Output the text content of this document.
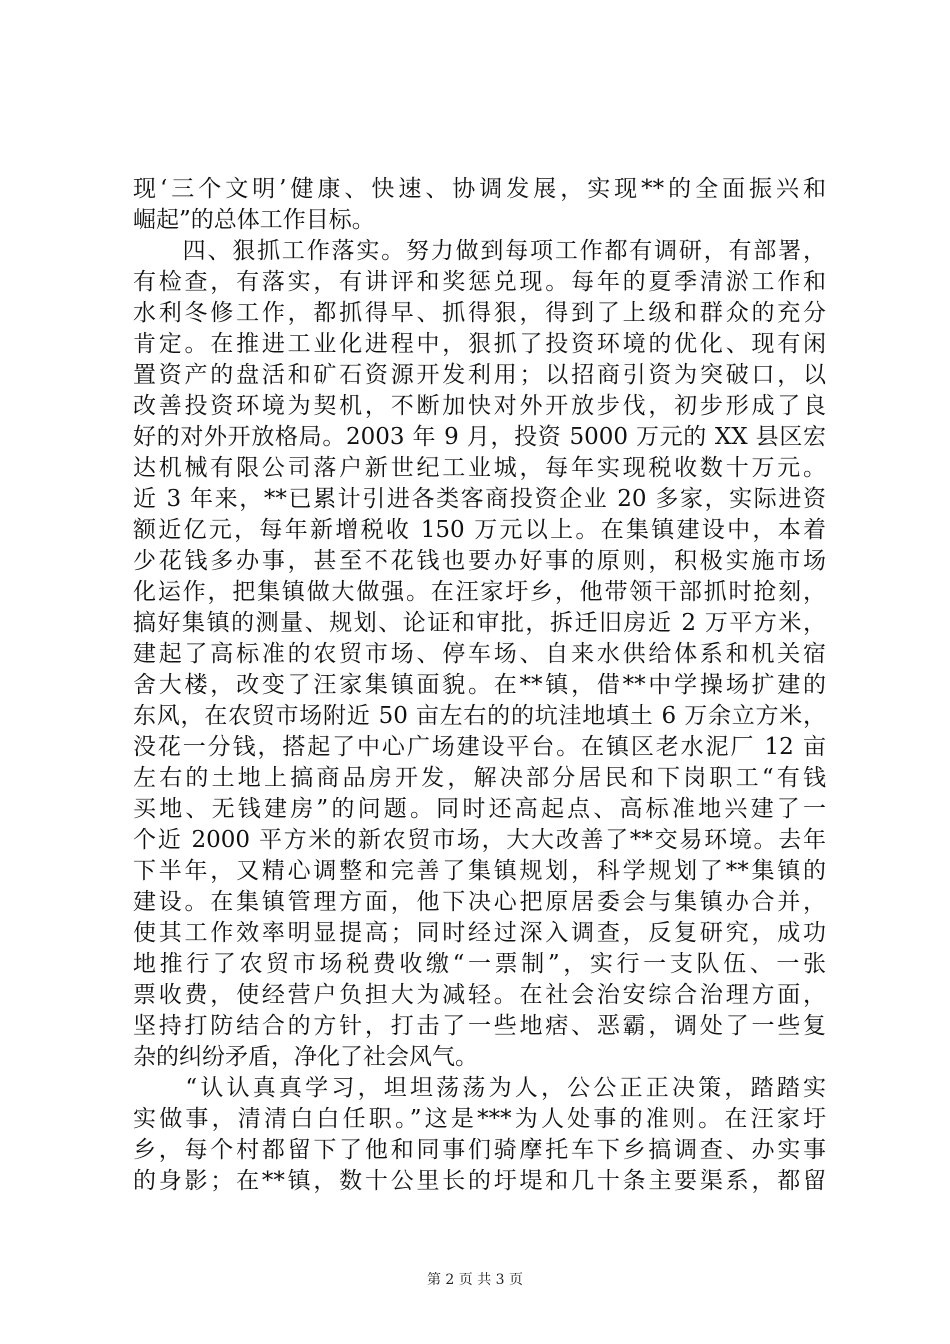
现‘三个文明’健康、快速、协调发展，实现**的全面振兴和
崛起”的总体工作目标。
　　四、狠抓工作落实。努力做到每项工作都有调研，有部署，
有检查，有落实，有讲评和奖惩兑现。每年的夏季清淤工作和
水利冬修工作，都抓得早、抓得狠，得到了上级和群众的充分
肯定。在推进工业化进程中，狠抓了投资环境的优化、现有闲
置资产的盘活和矿石资源开发利用；以招商引资为突破口，以
改善投资环境为契机，不断加快对外开放步伐，初步形成了良
好的对外开放格局。2003 年 9 月，投资 5000 万元的 XX 县区宏
达机械有限公司落户新世纪工业城，每年实现税收数十万元。
近 3 年来，**已累计引进各类客商投资企业 20 多家，实际进资
额近亿元，每年新增税收 150 万元以上。在集镇建设中，本着
少花钱多办事，甚至不花钱也要办好事的原则，积极实施市场
化运作，把集镇做大做强。在汪家圩乡，他带领干部抓时抢刻，
搞好集镇的测量、规划、论证和审批，拆迁旧房近 2 万平方米，
建起了高标准的农贸市场、停车场、自来水供给体系和机关宿
舍大楼，改变了汪家集镇面貌。在**镇，借**中学操场扩建的
东风，在农贸市场附近 50 亩左右的的坑洼地填土 6 万余立方米，
没花一分钱，搭起了中心广场建设平台。在镇区老水泥厂 12 亩
左右的土地上搞商品房开发，解决部分居民和下岗职工“有钱
买地、无钱建房”的问题。同时还高起点、高标准地兴建了一
个近 2000 平方米的新农贸市场，大大改善了**交易环境。去年
下半年，又精心调整和完善了集镇规划，科学规划了**集镇的
建设。在集镇管理方面，他下决心把原居委会与集镇办合并，
使其工作效率明显提高；同时经过深入调查，反复研究，成功
地推行了农贸市场税费收缴“一票制”，实行一支队伍、一张
票收费，使经营户负担大为减轻。在社会治安综合治理方面，
坚持打防结合的方针，打击了一些地痞、恶霸，调处了一些复
杂的纠纷矛盾，净化了社会风气。
　　“认认真真学习，坦坦荡荡为人，公公正正决策，踏踏实
实做事，清清白白任职。”这是***为人处事的准则。在汪家圩
乡，每个村都留下了他和同事们骑摩托车下乡搞调查、办实事
的身影；在**镇，数十公里长的圩堤和几十条主要渠系，都留
第 2 页 共 3 页
